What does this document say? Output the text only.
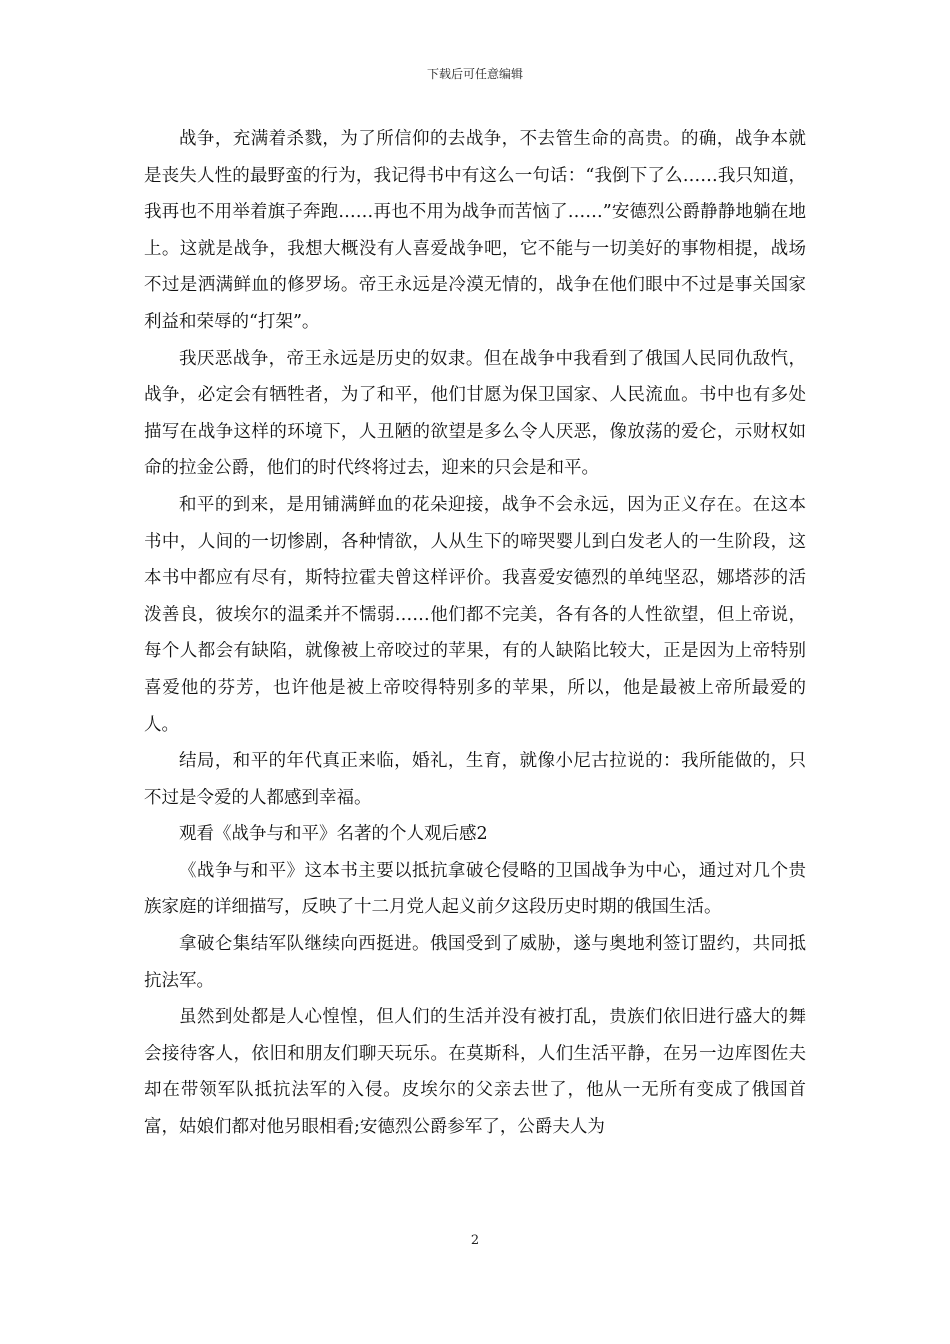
下载后可任意编辑

战争，充满着杀戮，为了所信仰的去战争，不去管生命的高贵。的确，战争本就是丧失人性的最野蛮的行为，我记得书中有这么一句话：“我倒下了么……我只知道，我再也不用举着旗子奔跑……再也不用为战争而苦恼了……”安德烈公爵静静地躺在地上。这就是战争，我想大概没有人喜爱战争吧，它不能与一切美好的事物相提，战场不过是洒满鲜血的修罗场。帝王永远是冷漠无情的，战争在他们眼中不过是事关国家利益和荣辱的“打架”。

我厌恶战争，帝王永远是历史的奴隶。但在战争中我看到了俄国人民同仇敌忾，战争，必定会有牺牲者，为了和平，他们甘愿为保卫国家、人民流血。书中也有多处描写在战争这样的环境下，人丑陋的欲望是多么令人厌恶，像放荡的爱仑，示财权如命的拉金公爵，他们的时代终将过去，迎来的只会是和平。

和平的到来，是用铺满鲜血的花朵迎接，战争不会永远，因为正义存在。在这本书中，人间的一切惨剧，各种情欲，人从生下的啼哭婴儿到白发老人的一生阶段，这本书中都应有尽有，斯特拉霍夫曾这样评价。我喜爱安德烈的单纯坚忍，娜塔莎的活泼善良，彼埃尔的温柔并不懦弱……他们都不完美，各有各的人性欲望，但上帝说，每个人都会有缺陷，就像被上帝咬过的苹果，有的人缺陷比较大，正是因为上帝特别喜爱他的芬芳，也许他是被上帝咬得特别多的苹果，所以，他是最被上帝所最爱的人。

结局，和平的年代真正来临，婚礼，生育，就像小尼古拉说的：我所能做的，只不过是令爱的人都感到幸福。

观看《战争与和平》名著的个人观后感2

《战争与和平》这本书主要以抵抗拿破仑侵略的卫国战争为中心，通过对几个贵族家庭的详细描写，反映了十二月党人起义前夕这段历史时期的俄国生活。

拿破仑集结军队继续向西挺进。俄国受到了威胁，遂与奥地利签订盟约，共同抵抗法军。

虽然到处都是人心惶惶，但人们的生活并没有被打乱，贵族们依旧进行盛大的舞会接待客人，依旧和朋友们聊天玩乐。在莫斯科，人们生活平静，在另一边库图佐夫却在带领军队抵抗法军的入侵。皮埃尔的父亲去世了，他从一无所有变成了俄国首富，姑娘们都对他另眼相看;安德烈公爵参军了，公爵夫人为

2
